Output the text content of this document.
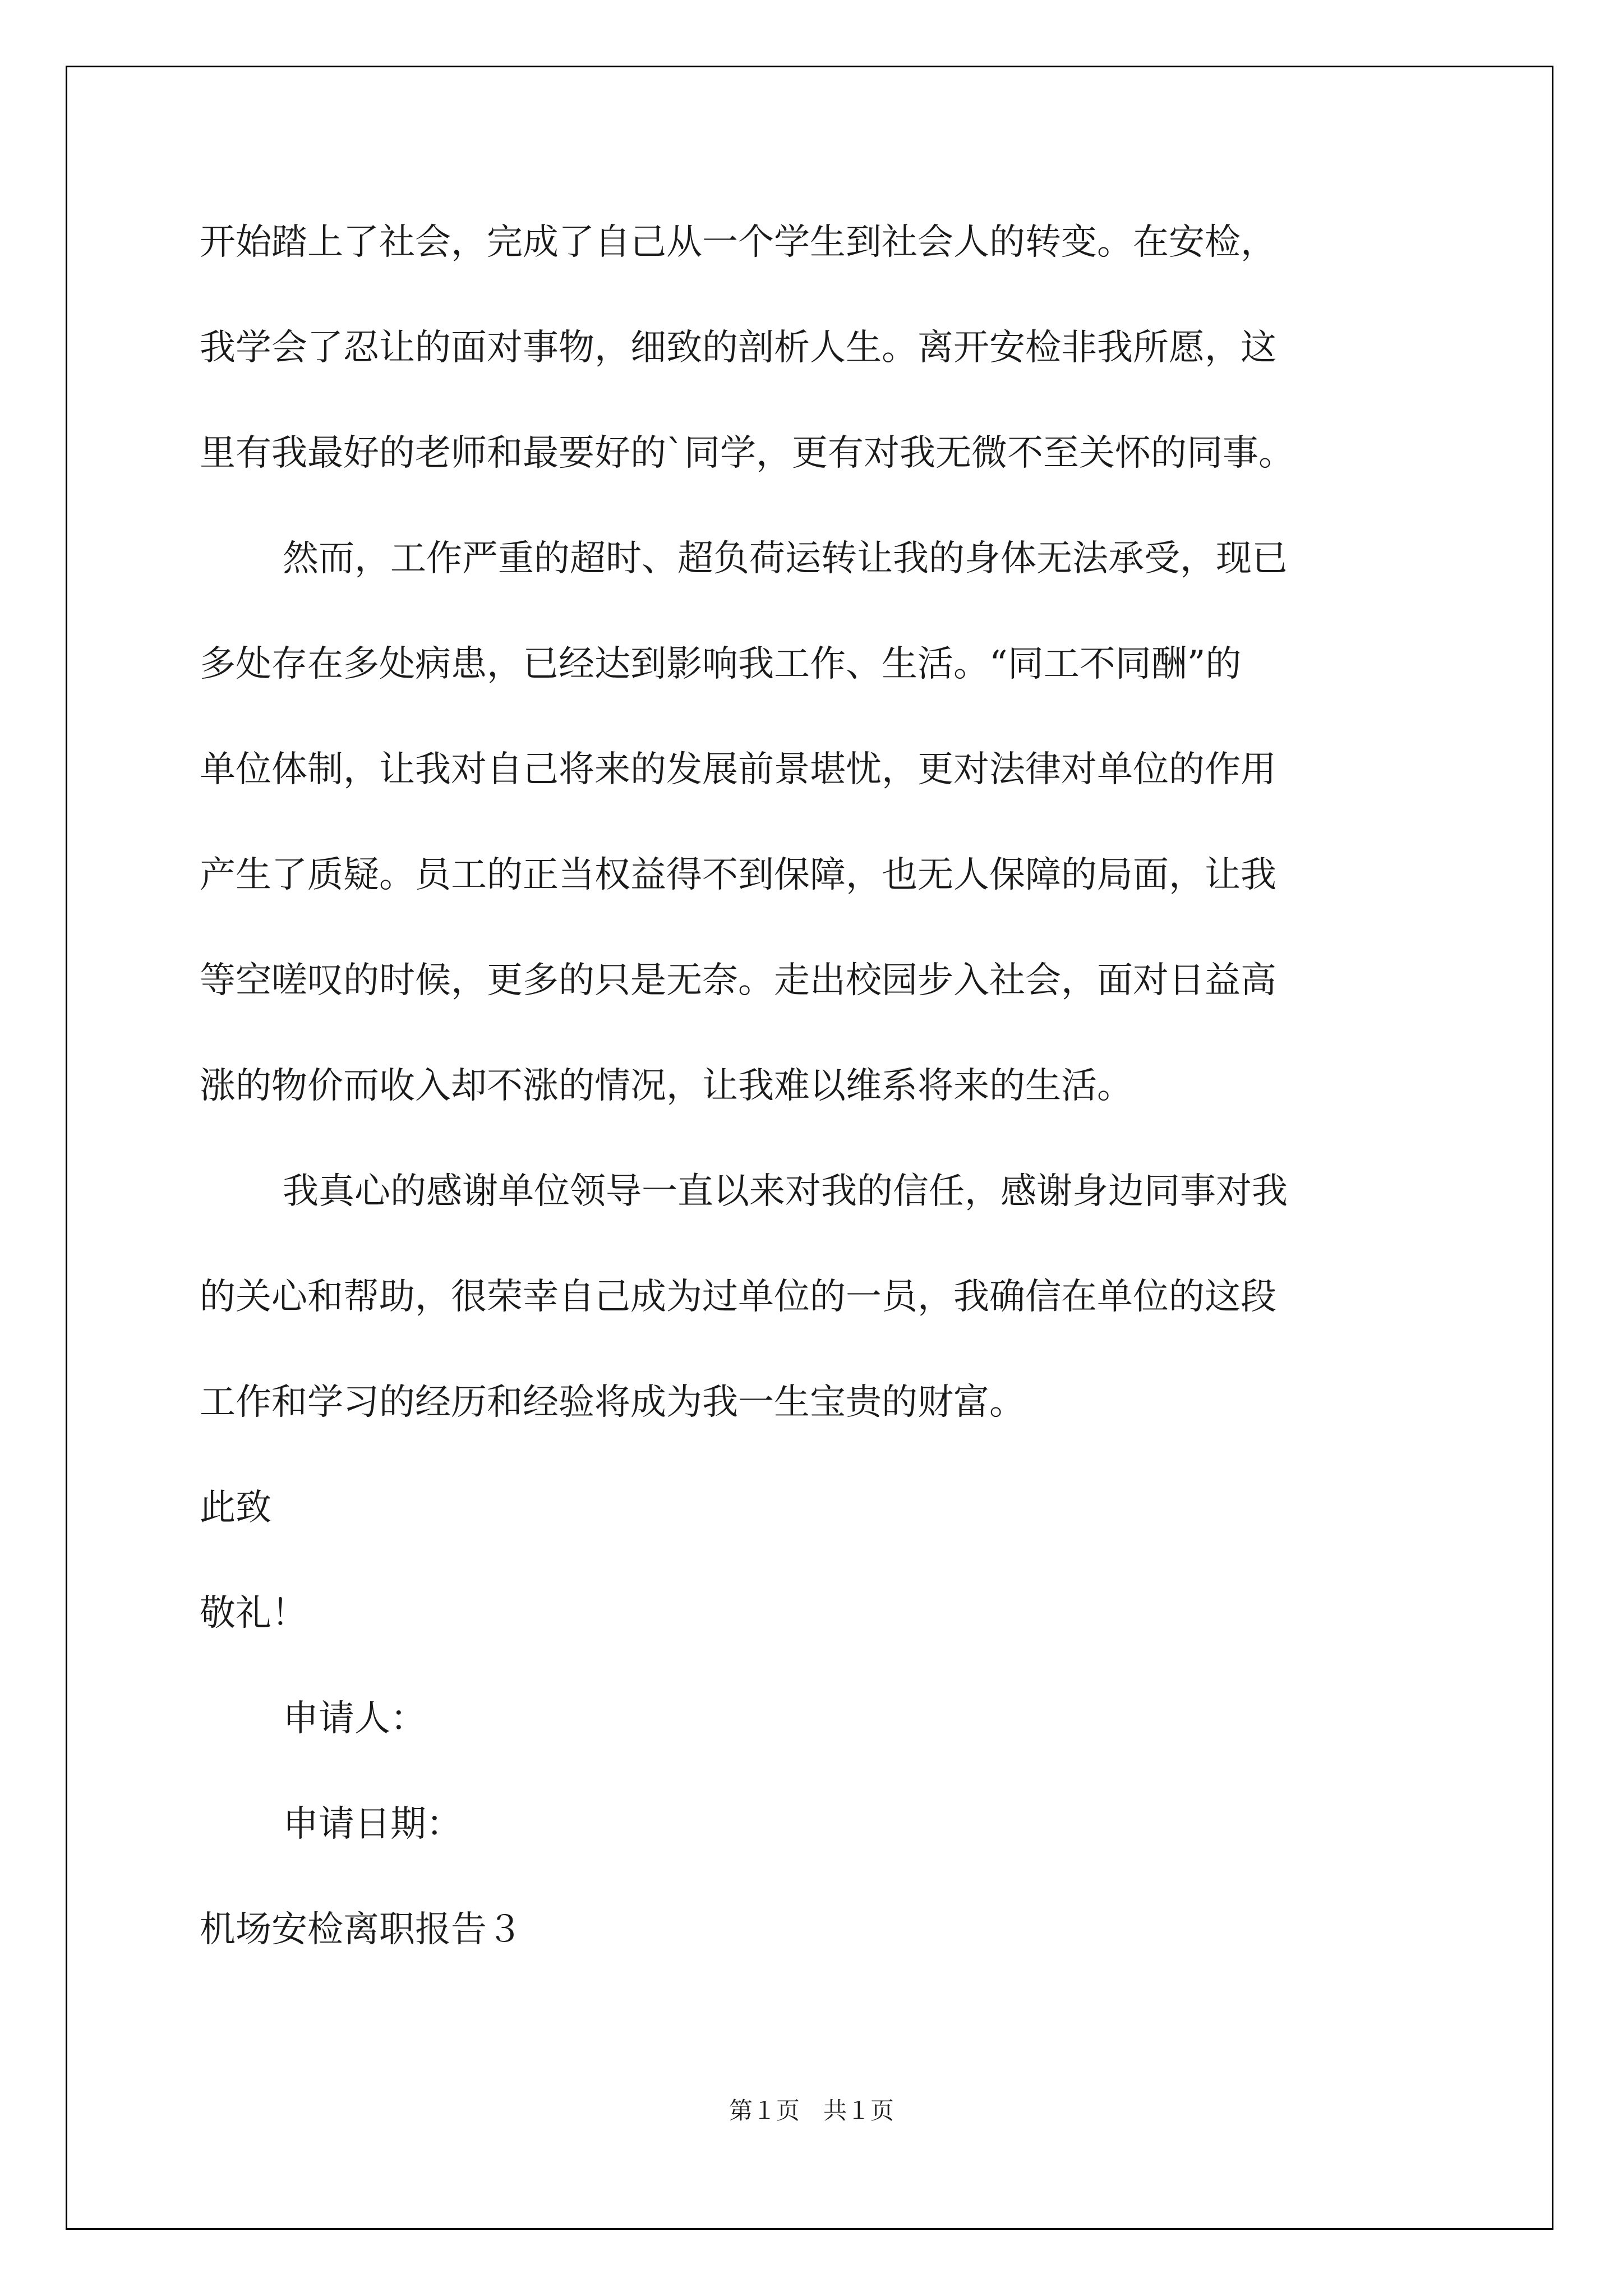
开始踏上了社会，完成了自己从一个学生到社会人的转变。在安检，
我学会了忍让的面对事物，细致的剖析人生。离开安检非我所愿，这
里有我最好的老师和最要好的`同学，更有对我无微不至关怀的同事。
然而，工作严重的超时、超负荷运转让我的身体无法承受，现已
多处存在多处病患，已经达到影响我工作、生活。“同工不同酬”的
单位体制，让我对自己将来的发展前景堪忧，更对法律对单位的作用
产生了质疑。员工的正当权益得不到保障，也无人保障的局面，让我
等空嗟叹的时候，更多的只是无奈。走出校园步入社会，面对日益高
涨的物价而收入却不涨的情况，让我难以维系将来的生活。
我真心的感谢单位领导一直以来对我的信任，感谢身边同事对我
的关心和帮助，很荣幸自己成为过单位的一员，我确信在单位的这段
工作和学习的经历和经验将成为我一生宝贵的财富。
此致
敬礼！
申请人：
申请日期：
机场安检离职报告３
第１页　共１页
